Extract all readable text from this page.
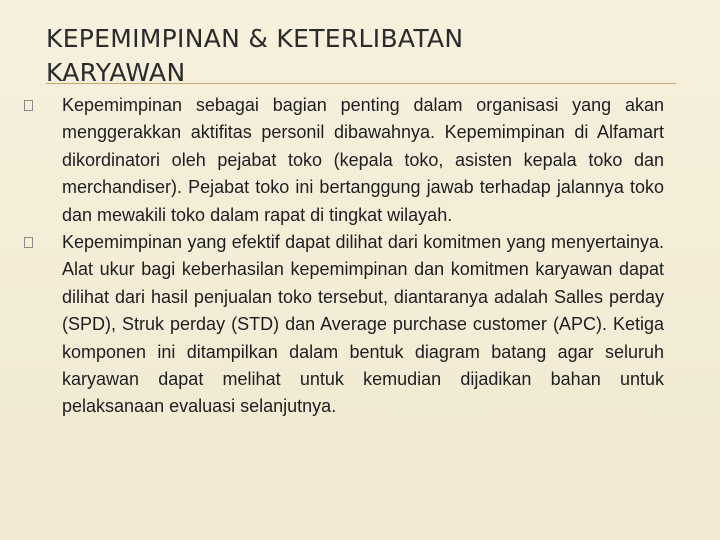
KEPEMIMPINAN & KETERLIBATAN KARYAWAN
Kepemimpinan sebagai bagian penting dalam organisasi yang akan menggerakkan aktifitas personil dibawahnya. Kepemimpinan di Alfamart dikordinatori oleh pejabat toko (kepala toko, asisten kepala toko dan merchandiser). Pejabat toko ini bertanggung jawab terhadap jalannya toko dan mewakili toko dalam rapat di tingkat wilayah.
Kepemimpinan yang efektif dapat dilihat dari komitmen yang menyertainya. Alat ukur bagi keberhasilan kepemimpinan dan komitmen karyawan dapat dilihat dari hasil penjualan toko tersebut, diantaranya adalah Salles perday (SPD), Struk perday (STD) dan Average purchase customer (APC). Ketiga komponen ini ditampilkan dalam bentuk diagram batang agar seluruh karyawan dapat melihat untuk kemudian dijadikan bahan untuk pelaksanaan evaluasi selanjutnya.
